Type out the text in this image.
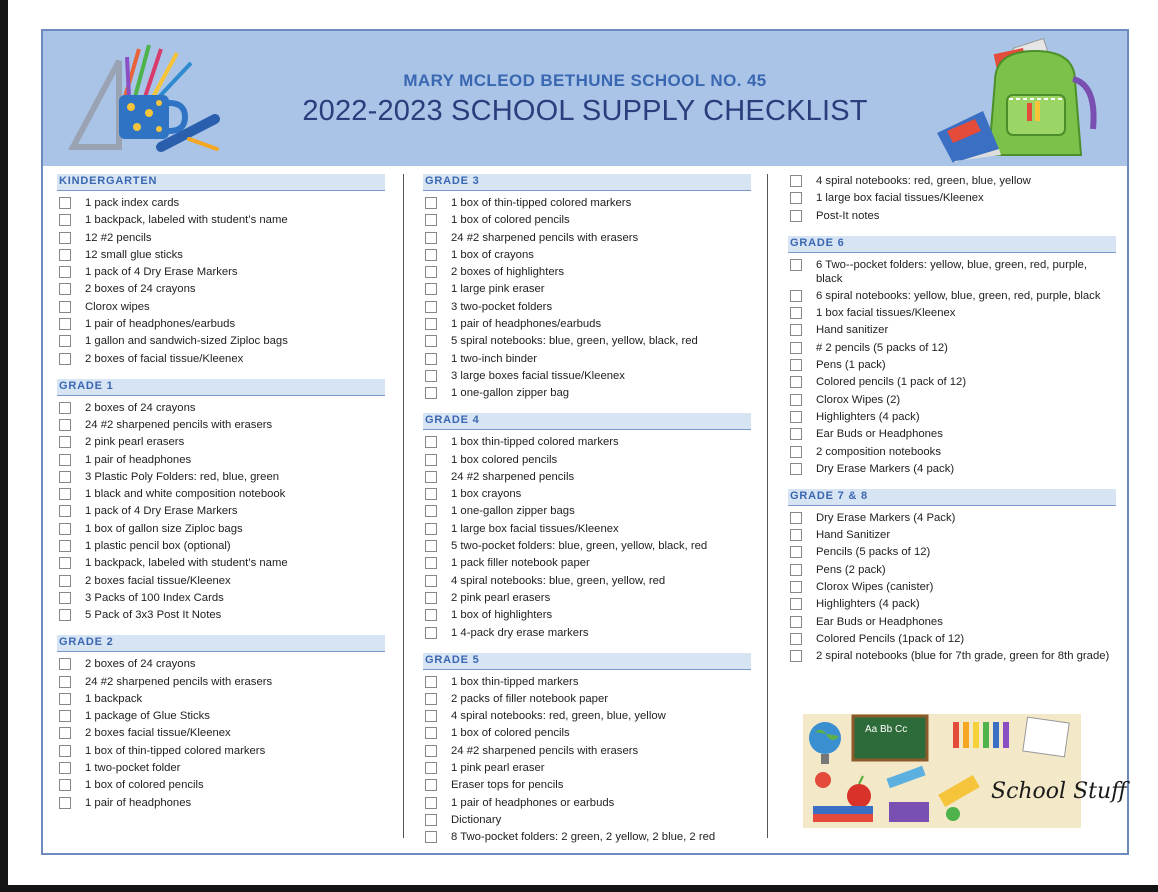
MARY MCLEOD BETHUNE SCHOOL NO. 45
2022-2023 SCHOOL SUPPLY CHECKLIST
KINDERGARTEN
1 pack index cards
1 backpack, labeled with student’s name
12 #2 pencils
12 small glue sticks
1 pack of 4 Dry Erase Markers
2 boxes of 24 crayons
Clorox wipes
1 pair of headphones/earbuds
1 gallon and sandwich-sized Ziploc bags
2 boxes of facial tissue/Kleenex
GRADE 1
2 boxes of 24 crayons
24 #2 sharpened pencils with erasers
2 pink pearl erasers
1 pair of headphones
3 Plastic Poly Folders: red, blue, green
1 black and white composition notebook
1 pack of 4 Dry Erase Markers
1 box of gallon size Ziploc bags
1 plastic pencil box (optional)
1 backpack, labeled with student’s name
2 boxes facial tissue/Kleenex
3 Packs of 100 Index Cards
5 Pack of 3x3 Post It Notes
GRADE 2
2 boxes of 24 crayons
24 #2 sharpened pencils with erasers
1 backpack
1 package of Glue Sticks
2 boxes facial tissue/Kleenex
1 box of thin-tipped colored markers
1 two-pocket folder
1 box of colored pencils
1 pair of headphones
GRADE 3
1 box of thin-tipped colored markers
1 box of colored pencils
24 #2 sharpened pencils with erasers
1 box of crayons
2 boxes of highlighters
1 large pink eraser
3 two-pocket folders
1 pair of headphones/earbuds
5 spiral notebooks: blue, green, yellow, black, red
1 two-inch binder
3 large boxes facial tissue/Kleenex
1 one-gallon zipper bag
GRADE 4
1 box thin-tipped colored markers
1 box colored pencils
24 #2 sharpened pencils
1 box crayons
1 one-gallon zipper bags
1 large box facial tissues/Kleenex
5 two-pocket folders: blue, green, yellow, black, red
1 pack filler notebook paper
4 spiral notebooks: blue, green, yellow, red
2 pink pearl erasers
1 box of highlighters
1 4-pack dry erase markers
GRADE 5
1 box thin-tipped markers
2 packs of filler notebook paper
4 spiral notebooks: red, green, blue, yellow
1 box of colored pencils
24 #2 sharpened pencils with erasers
1 pink pearl eraser
Eraser tops for pencils
1 pair of headphones or earbuds
Dictionary
8 Two-pocket folders: 2 green, 2 yellow, 2 blue, 2 red
4 spiral notebooks: red, green, blue, yellow
1 large box facial tissues/Kleenex
Post-It notes
GRADE 6
6 Two--pocket folders: yellow, blue, green, red, purple, black
6 spiral notebooks: yellow, blue, green, red, purple, black
1 box facial tissues/Kleenex
Hand sanitizer
# 2 pencils (5 packs of 12)
Pens (1 pack)
Colored pencils (1 pack of 12)
Clorox Wipes (2)
Highlighters (4 pack)
Ear Buds or Headphones
2 composition notebooks
Dry Erase Markers (4 pack)
GRADE 7 & 8
Dry Erase Markers (4 Pack)
Hand Sanitizer
Pencils (5 packs of 12)
Pens (2 pack)
Clorox Wipes (canister)
Highlighters (4 pack)
Ear Buds or Headphones
Colored Pencils (1pack of 12)
2 spiral notebooks (blue for 7th grade, green for 8th grade)
Aa Bb Cc
School Stuff
